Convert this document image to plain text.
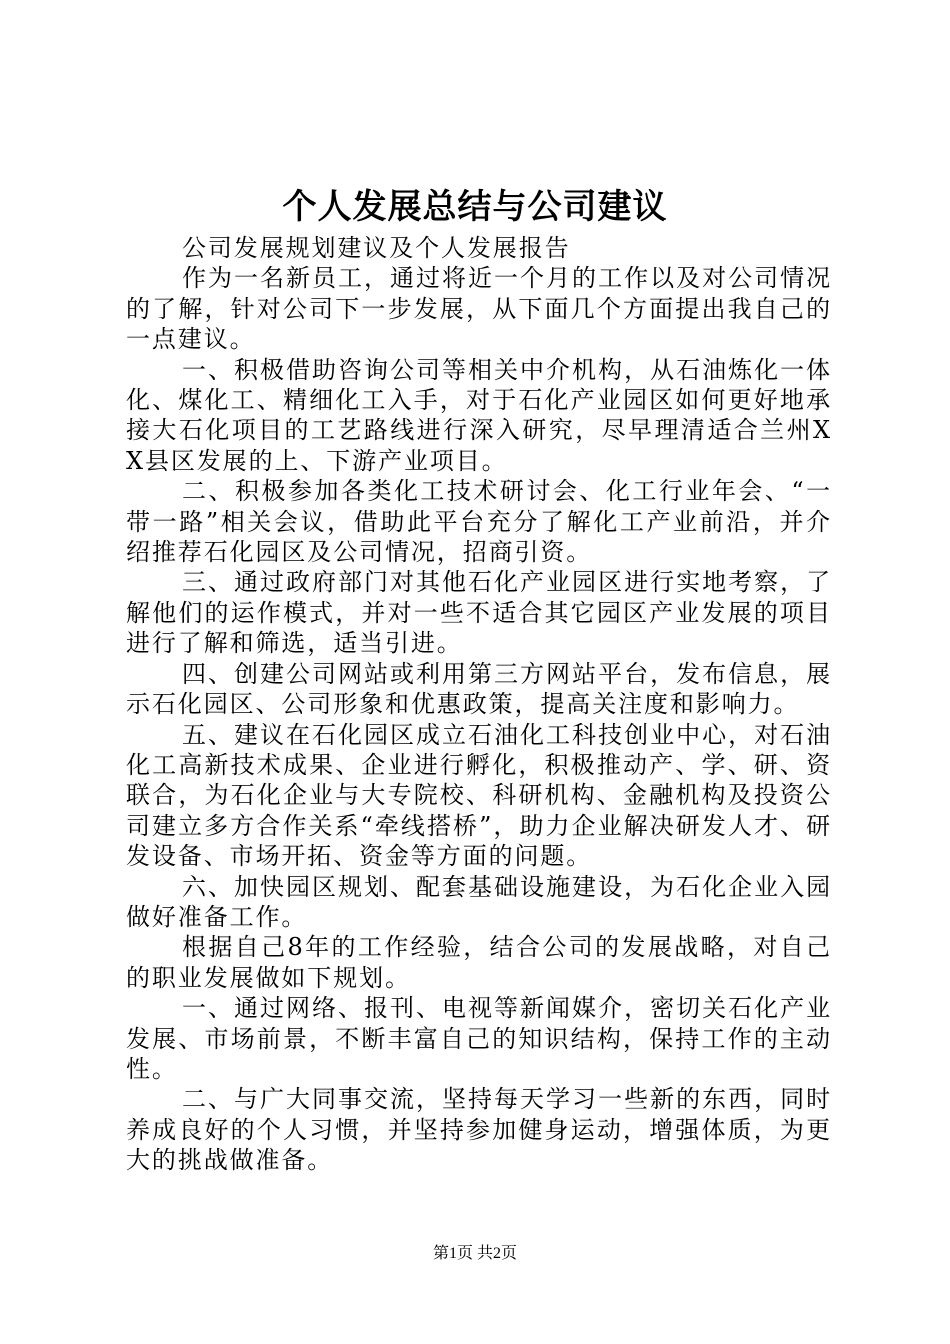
个人发展总结与公司建议

公司发展规划建议及个人发展报告

作为一名新员工，通过将近一个月的工作以及对公司情况的了解，针对公司下一步发展，从下面几个方面提出我自己的一点建议。

一、积极借助咨询公司等相关中介机构，从石油炼化一体化、煤化工、精细化工入手，对于石化产业园区如何更好地承接大石化项目的工艺路线进行深入研究，尽早理清适合兰州XX县区发展的上、下游产业项目。

二、积极参加各类化工技术研讨会、化工行业年会、“一带一路”相关会议，借助此平台充分了解化工产业前沿，并介绍推荐石化园区及公司情况，招商引资。

三、通过政府部门对其他石化产业园区进行实地考察，了解他们的运作模式，并对一些不适合其它园区产业发展的项目进行了解和筛选，适当引进。

四、创建公司网站或利用第三方网站平台，发布信息，展示石化园区、公司形象和优惠政策，提高关注度和影响力。

五、建议在石化园区成立石油化工科技创业中心，对石油化工高新技术成果、企业进行孵化，积极推动产、学、研、资联合，为石化企业与大专院校、科研机构、金融机构及投资公司建立多方合作关系“牵线搭桥”，助力企业解决研发人才、研发设备、市场开拓、资金等方面的问题。

六、加快园区规划、配套基础设施建设，为石化企业入园做好准备工作。

根据自己8年的工作经验，结合公司的发展战略，对自己的职业发展做如下规划。

一、通过网络、报刊、电视等新闻媒介，密切关石化产业发展、市场前景，不断丰富自己的知识结构，保持工作的主动性。

二、与广大同事交流，坚持每天学习一些新的东西，同时养成良好的个人习惯，并坚持参加健身运动，增强体质，为更大的挑战做准备。

第1页 共2页
